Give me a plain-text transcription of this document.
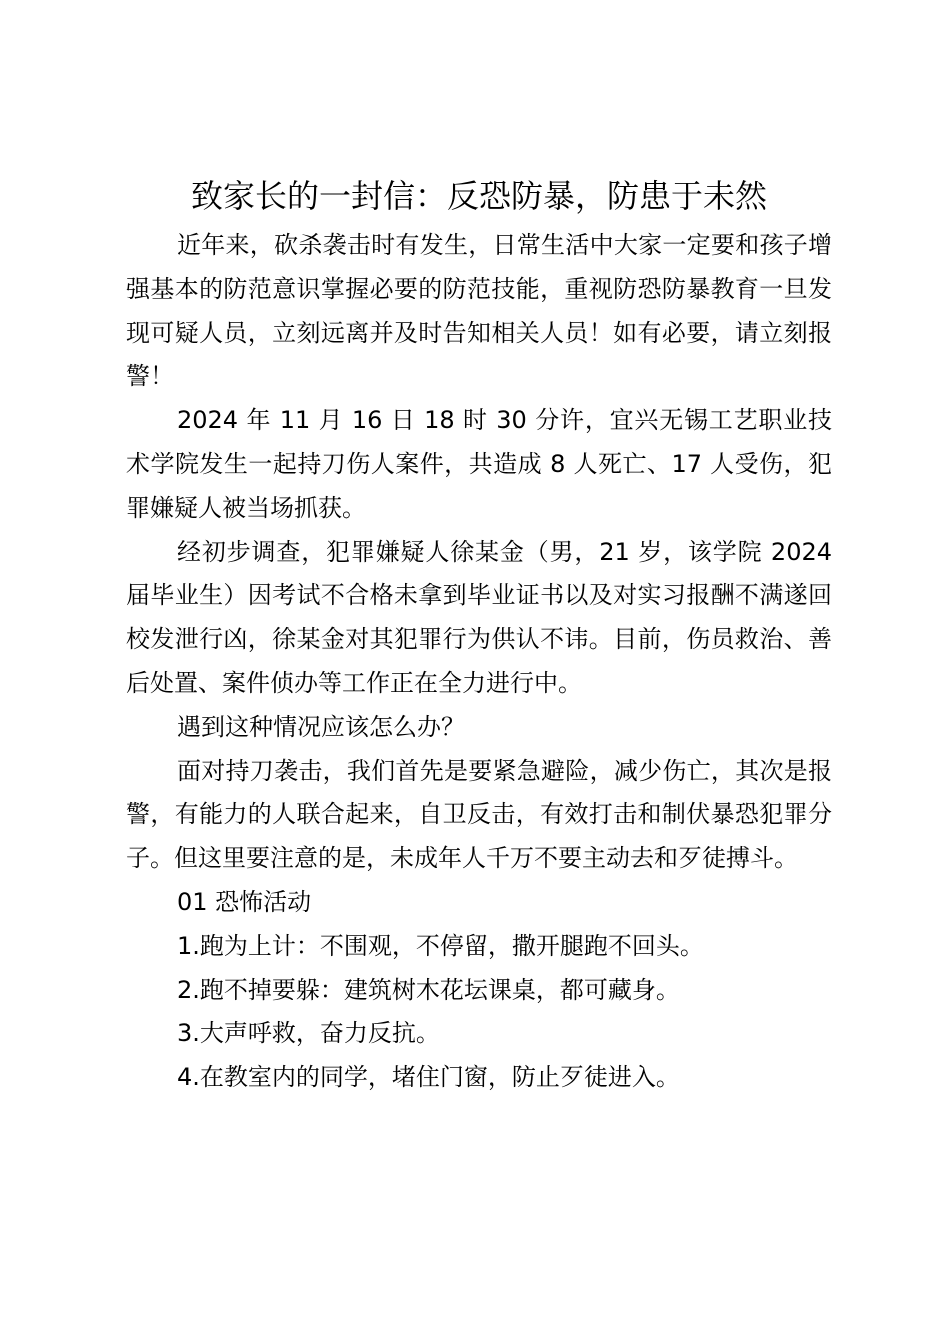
致家长的一封信：反恐防暴，防患于未然

近年来，砍杀袭击时有发生，日常生活中大家一定要和孩子增强基本的防范意识掌握必要的防范技能，重视防恐防暴教育一旦发现可疑人员，立刻远离并及时告知相关人员！如有必要，请立刻报警！

2024 年 11 月 16 日 18 时 30 分许，宜兴无锡工艺职业技术学院发生一起持刀伤人案件，共造成 8 人死亡、17 人受伤，犯罪嫌疑人被当场抓获。

经初步调查，犯罪嫌疑人徐某金（男，21 岁，该学院 2024 届毕业生）因考试不合格未拿到毕业证书以及对实习报酬不满遂回校发泄行凶，徐某金对其犯罪行为供认不讳。目前，伤员救治、善后处置、案件侦办等工作正在全力进行中。

遇到这种情况应该怎么办？

面对持刀袭击，我们首先是要紧急避险，减少伤亡，其次是报警，有能力的人联合起来，自卫反击，有效打击和制伏暴恐犯罪分子。但这里要注意的是，未成年人千万不要主动去和歹徒搏斗。

01 恐怖活动

1.跑为上计：不围观，不停留，撒开腿跑不回头。

2.跑不掉要躲：建筑树木花坛课桌，都可藏身。

3.大声呼救，奋力反抗。

4.在教室内的同学，堵住门窗，防止歹徒进入。
